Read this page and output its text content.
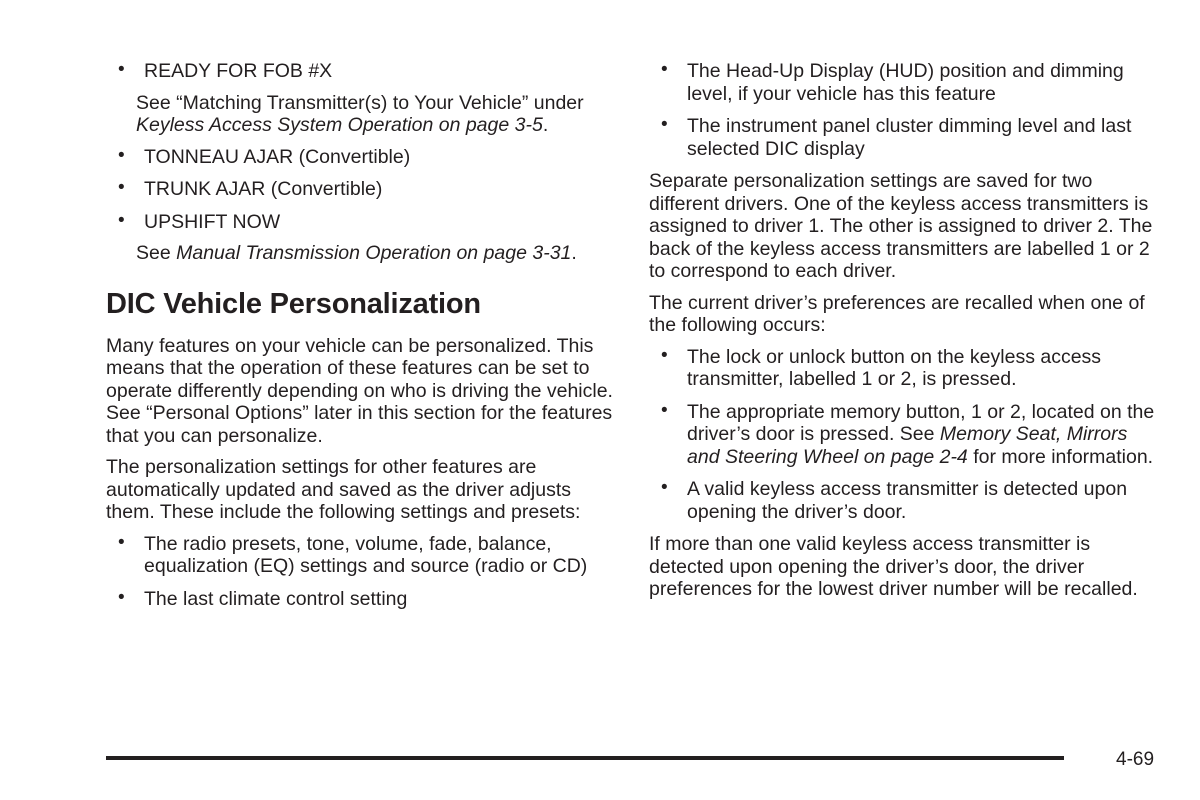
• READY FOR FOB #X
See “Matching Transmitter(s) to Your Vehicle” under Keyless Access System Operation on page 3-5.
• TONNEAU AJAR (Convertible)
• TRUNK AJAR (Convertible)
• UPSHIFT NOW
See Manual Transmission Operation on page 3-31.
DIC Vehicle Personalization

Many features on your vehicle can be personalized. This means that the operation of these features can be set to operate differently depending on who is driving the vehicle. See “Personal Options” later in this section for the features that you can personalize.

The personalization settings for other features are automatically updated and saved as the driver adjusts them. These include the following settings and presets:

• The radio presets, tone, volume, fade, balance, equalization (EQ) settings and source (radio or CD)
• The last climate control setting
• The Head-Up Display (HUD) position and dimming level, if your vehicle has this feature
• The instrument panel cluster dimming level and last selected DIC display

Separate personalization settings are saved for two different drivers. One of the keyless access transmitters is assigned to driver 1. The other is assigned to driver 2. The back of the keyless access transmitters are labelled 1 or 2 to correspond to each driver.

The current driver’s preferences are recalled when one of the following occurs:

• The lock or unlock button on the keyless access transmitter, labelled 1 or 2, is pressed.
• The appropriate memory button, 1 or 2, located on the driver’s door is pressed. See Memory Seat, Mirrors and Steering Wheel on page 2-4 for more information.
• A valid keyless access transmitter is detected upon opening the driver’s door.

If more than one valid keyless access transmitter is detected upon opening the driver’s door, the driver preferences for the lowest driver number will be recalled.

4-69
